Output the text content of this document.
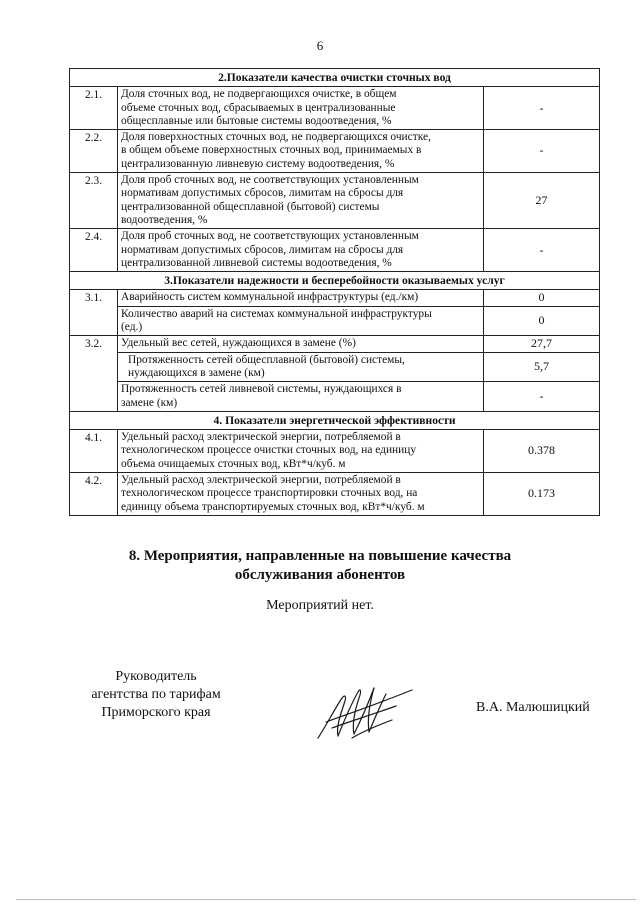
6
2.Показатели качества очистки сточных вод		
2.1.	Доля сточных вод, не подвергающихся очистке, в общем
объеме сточных вод, сбрасываемых в централизованные
общесплавные или бытовые системы водоотведения, %	-
2.2.	Доля поверхностных сточных вод, не подвергающихся очистке,
в общем объеме поверхностных сточных вод, принимаемых в
централизованную ливневую систему водоотведения, %	-
2.3.	Доля проб сточных вод, не соответствующих установленным
нормативам допустимых сбросов, лимитам на сбросы для
централизованной общесплавной (бытовой) системы
водоотведения, %	27
2.4.	Доля проб сточных вод, не соответствующих установленным
нормативам допустимых сбросов, лимитам на сбросы для
централизованной ливневой системы водоотведения, %	-
3.Показатели надежности и бесперебойности оказываемых услуг		
3.1.	Аварийность систем коммунальной инфраструктуры (ед./км)	0
	Количество аварий на системах коммунальной инфраструктуры
(ед.)	0
3.2.	Удельный вес сетей, нуждающихся в замене (%)	27,7
	Протяженность сетей общесплавной (бытовой) системы,
нуждающихся в замене (км)	5,7
	Протяженность сетей ливневой системы, нуждающихся в
замене (км)	-
4. Показатели энергетической эффективности		
4.1.	Удельный расход электрической энергии, потребляемой в
технологическом процессе очистки сточных вод, на единицу
объема очищаемых сточных вод, кВт*ч/куб. м	0.378
4.2.	Удельный расход электрической энергии, потребляемой в
технологическом процессе транспортировки сточных вод, на
единицу объема транспортируемых сточных вод, кВт*ч/куб. м	0.173
8. Мероприятия, направленные на повышение качества
обслуживания абонентов
Мероприятий нет.
Руководитель
агентства по тарифам
Приморского края	В.А. Малюшицкий
